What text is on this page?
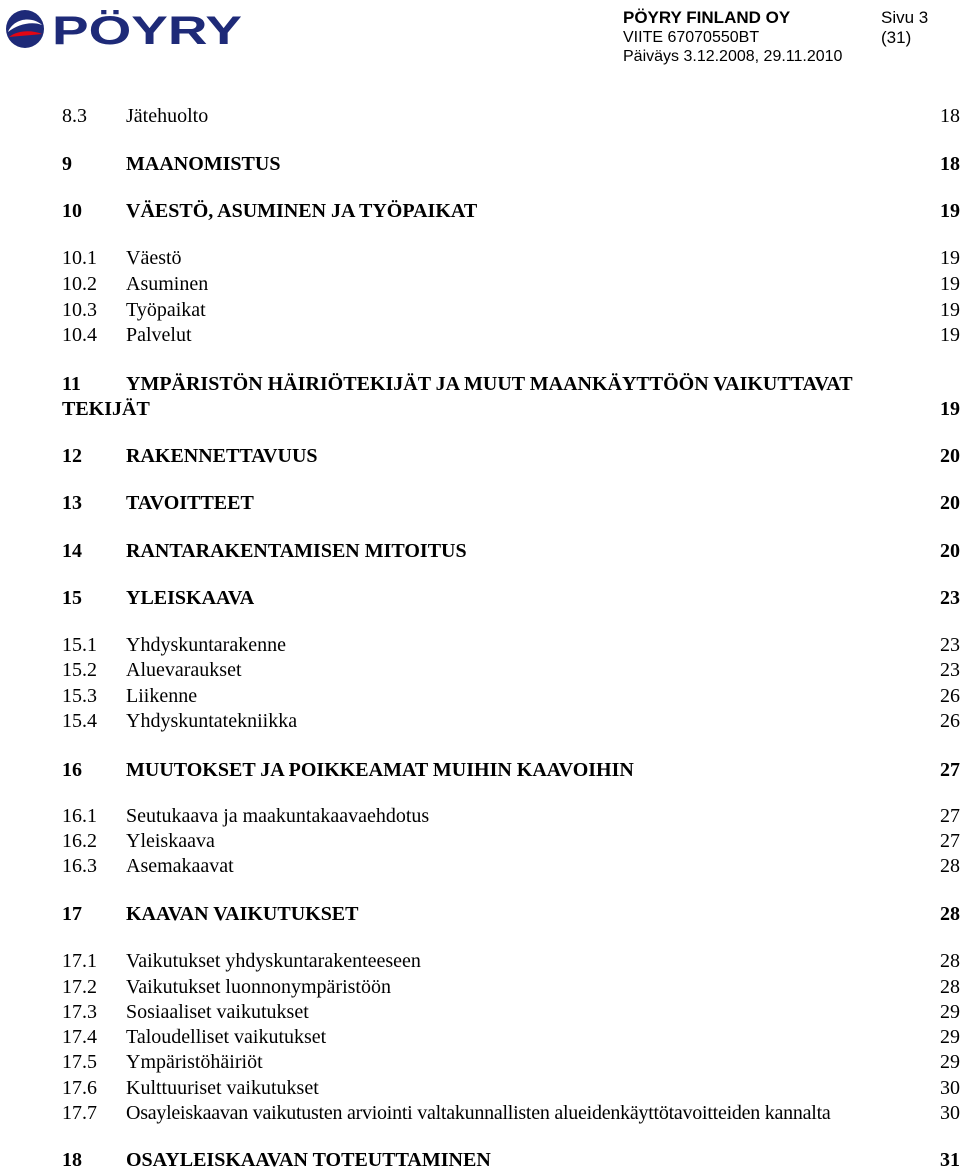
PÖYRY	PÖYRY FINLAND OY
VIITE 67070550BT
Päiväys 3.12.2008, 29.11.2010
Sivu 3 (31)
8.3 Jätehuolto	18
9	MAANOMISTUS	18
10 VÄESTÖ, ASUMINEN JA TYÖPAIKAT	19
10.1 Väestö	19
10.2 Asuminen	19
10.3 Työpaikat	19
10.4 Palvelut	19
11 YMPÄRISTÖN HÄIRIÖTEKIJÄT JA MUUT MAANKÄYTTÖÖN VAIKUTTAVAT
TEKIJÄT	19
12 RAKENNETTAVUUS	20
13 TAVOITTEET	20
14 RANTARAKENTAMISEN MITOITUS	20
15 YLEISKAAVA	23
15.1 Yhdyskuntarakenne	23
15.2 Aluevaraukset	23
15.3 Liikenne	26
15.4 Yhdyskuntatekniikka	26
16 MUUTOKSET JA POIKKEAMAT MUIHIN KAAVOIHIN	27
16.1 Seutukaava ja maakuntakaavaehdotus	27
16.2 Yleiskaava	27
16.3 Asemakaavat	28
17 KAAVAN VAIKUTUKSET	28
17.1 Vaikutukset yhdyskuntarakenteeseen	28
17.2 Vaikutukset luonnonympäristöön	28
17.3 Sosiaaliset vaikutukset	29
17.4 Taloudelliset vaikutukset	29
17.5 Ympäristöhäiriöt	29
17.6 Kulttuuriset vaikutukset	30
17.7 Osayleiskaavan vaikutusten arviointi valtakunnallisten alueidenkäyttötavoitteiden kannalta	30
18 OSAYLEISKAAVAN TOTEUTTAMINEN	31
